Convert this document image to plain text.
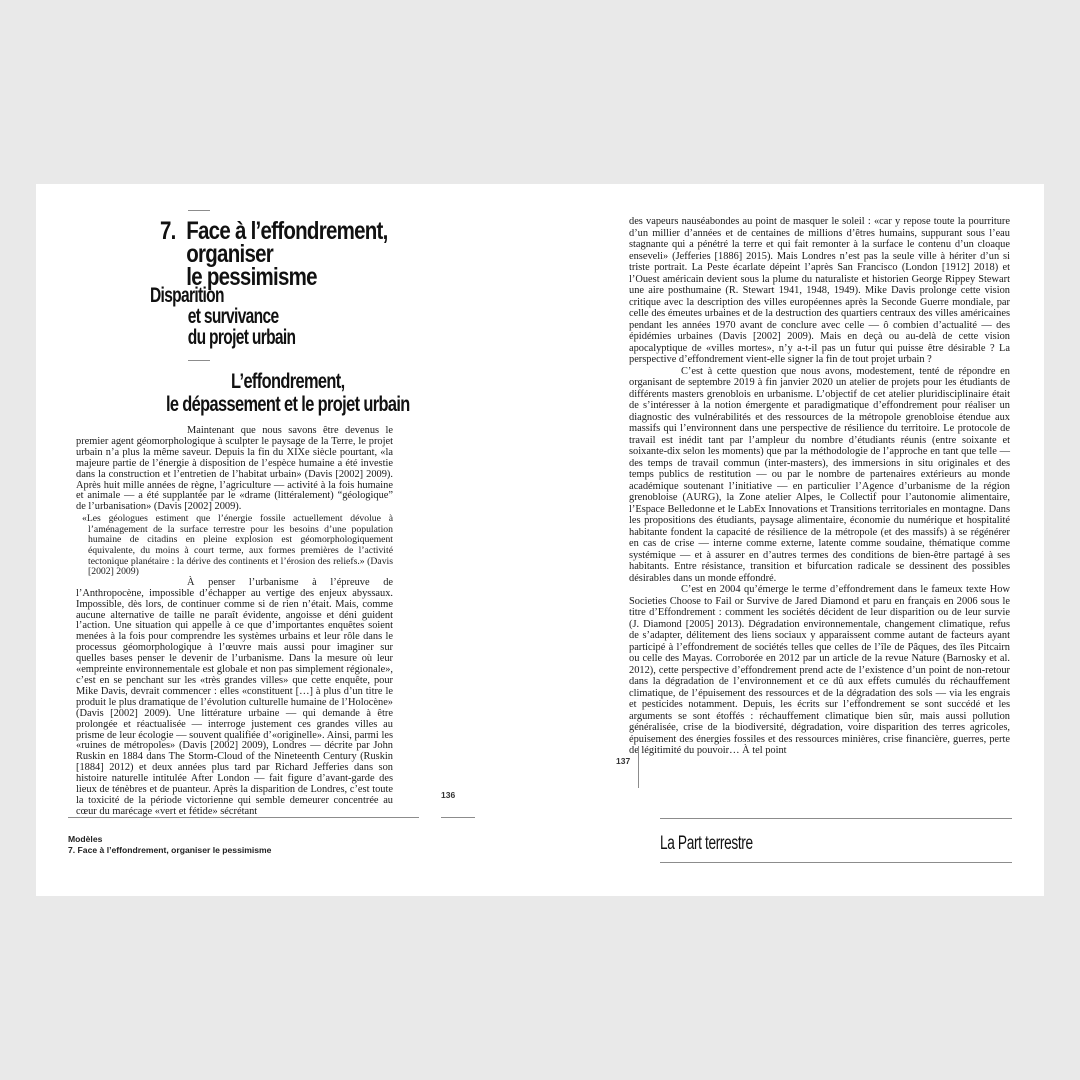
7. Face à l’effondrement,
organiser
le pessimisme
Disparition
et survivance
du projet urbain
L’effondrement,
le dépassement et le projet urbain

Maintenant que nous savons être devenus le premier agent géomorphologique à sculpter le paysage de la Terre, le projet urbain n’a plus la même saveur. Depuis la fin du XIXe siècle pourtant, «la majeure partie de l’énergie à disposition de l’espèce humaine a été investie dans la construction et l’entretien de l’habitat urbain» (Davis [2002] 2009). Après huit mille années de règne, l’agriculture — activité à la fois humaine et animale — a été supplantée par le «drame (littéralement) “géologique” de l’urbanisation» (Davis [2002] 2009).

«Les géologues estiment que l’énergie fossile actuellement dévolue à l’aménagement de la surface terrestre pour les besoins d’une population humaine de citadins en pleine explosion est géomorphologiquement équivalente, du moins à court terme, aux formes premières de l’activité tectonique planétaire : la dérive des continents et l’érosion des reliefs.» (Davis [2002] 2009)

À penser l’urbanisme à l’épreuve de l’Anthropocène, impossible d’échapper au vertige des enjeux abyssaux. Impossible, dès lors, de continuer comme si de rien n’était. Mais, comme aucune alternative de taille ne paraît évidente, angoisse et déni guident l’action. Une situation qui appelle à ce que d’importantes enquêtes soient menées à la fois pour comprendre les systèmes urbains et leur rôle dans le processus géomorphologique à l’œuvre mais aussi pour imaginer sur quelles bases penser le devenir de l’urbanisme. Dans la mesure où leur «empreinte environnementale est globale et non pas simplement régionale», c’est en se penchant sur les «très grandes villes» que cette enquête, pour Mike Davis, devrait commencer : elles «constituent […] à plus d’un titre le produit le plus dramatique de l’évolution culturelle humaine de l’Holocène» (Davis [2002] 2009). Une littérature urbaine — qui demande à être prolongée et réactualisée — interroge justement ces grandes villes au prisme de leur écologie — souvent qualifiée d’«originelle». Ainsi, parmi les «ruines de métropoles» (Davis [2002] 2009), Londres — décrite par John Ruskin en 1884 dans The Storm-Cloud of the Nineteenth Century (Ruskin [1884] 2012) et deux années plus tard par Richard Jefferies dans son histoire naturelle intitulée After London — fait figure d’avant-garde des lieux de ténèbres et de puanteur. Après la disparition de Londres, c’est toute la toxicité de la période victorienne qui semble demeurer concentrée au cœur du marécage «vert et fétide» sécrétant

136
Modèles
7. Face à l’effondrement, organiser le pessimisme

des vapeurs nauséabondes au point de masquer le soleil : «car y repose toute la pourriture d’un millier d’années et de centaines de millions d’êtres humains, suppurant sous l’eau stagnante qui a pénétré la terre et qui fait remonter à la surface le contenu d’un cloaque enseveli» (Jefferies [1886] 2015). Mais Londres n’est pas la seule ville à hériter d’un si triste portrait. La Peste écarlate dépeint l’après San Francisco (London [1912] 2018) et l’Ouest américain devient sous la plume du naturaliste et historien George Rippey Stewart une aire posthumaine (R. Stewart 1941, 1948, 1949). Mike Davis prolonge cette vision critique avec la description des villes européennes après la Seconde Guerre mondiale, par celle des émeutes urbaines et de la destruction des quartiers centraux des villes américaines pendant les années 1970 avant de conclure avec celle — ô combien d’actualité — des épidémies urbaines (Davis [2002] 2009). Mais en deçà ou au-delà de cette vision apocalyptique de «villes mortes», n’y a-t-il pas un futur qui puisse être désirable ? La perspective d’effondrement vient-elle signer la fin de tout projet urbain ?

C’est à cette question que nous avons, modestement, tenté de répondre en organisant de septembre 2019 à fin janvier 2020 un atelier de projets pour les étudiants de différents masters grenoblois en urbanisme. L’objectif de cet atelier pluridisciplinaire était de s’intéresser à la notion émergente et paradigmatique d’effondrement pour réaliser un diagnostic des vulnérabilités et des ressources de la métropole grenobloise étendue aux massifs qui l’environnent dans une perspective de résilience du territoire. Le protocole de travail est inédit tant par l’ampleur du nombre d’étudiants réunis (entre soixante et soixante-dix selon les moments) que par la méthodologie de l’approche en tant que telle — des temps de travail commun (inter-masters), des immersions in situ originales et des temps publics de restitution — ou par le nombre de partenaires extérieurs au monde académique soutenant l’initiative — en particulier l’Agence d’urbanisme de la région grenobloise (AURG), la Zone atelier Alpes, le Collectif pour l’autonomie alimentaire, l’Espace Belledonne et le LabEx Innovations et Transitions territoriales en montagne. Dans les propositions des étudiants, paysage alimentaire, économie du numérique et hospitalité habitante fondent la capacité de résilience de la métropole (et des massifs) à se régénérer en cas de crise — interne comme externe, latente comme soudaine, thématique comme systémique — et à assurer en d’autres termes des conditions de bien-être partagé à ses habitants. Entre résistance, transition et bifurcation radicale se dessinent des possibles désirables dans un monde effondré.

C’est en 2004 qu’émerge le terme d’effondrement dans le fameux texte How Societies Choose to Fail or Survive de Jared Diamond et paru en français en 2006 sous le titre d’Effondrement : comment les sociétés décident de leur disparition ou de leur survie (J. Diamond [2005] 2013). Dégradation environnementale, changement climatique, refus de s’adapter, délitement des liens sociaux y apparaissent comme autant de facteurs ayant participé à l’effondrement de sociétés telles que celles de l’île de Pâques, des îles Pitcairn ou celle des Mayas. Corroborée en 2012 par un article de la revue Nature (Barnosky et al. 2012), cette perspective d’effondrement prend acte de l’existence d’un point de non-retour dans la dégradation de l’environnement et ce dû aux effets cumulés du réchauffement climatique, de l’épuisement des ressources et de la dégradation des sols — via les engrais et pesticides notamment. Depuis, les écrits sur l’effondrement se sont succédé et les arguments se sont étoffés : réchauffement climatique bien sûr, mais aussi pollution généralisée, crise de la biodiversité, dégradation, voire disparition des terres agricoles, épuisement des énergies fossiles et des ressources minières, crise financière, guerres, perte de légitimité du pouvoir… À tel point

137
La Part terrestre
